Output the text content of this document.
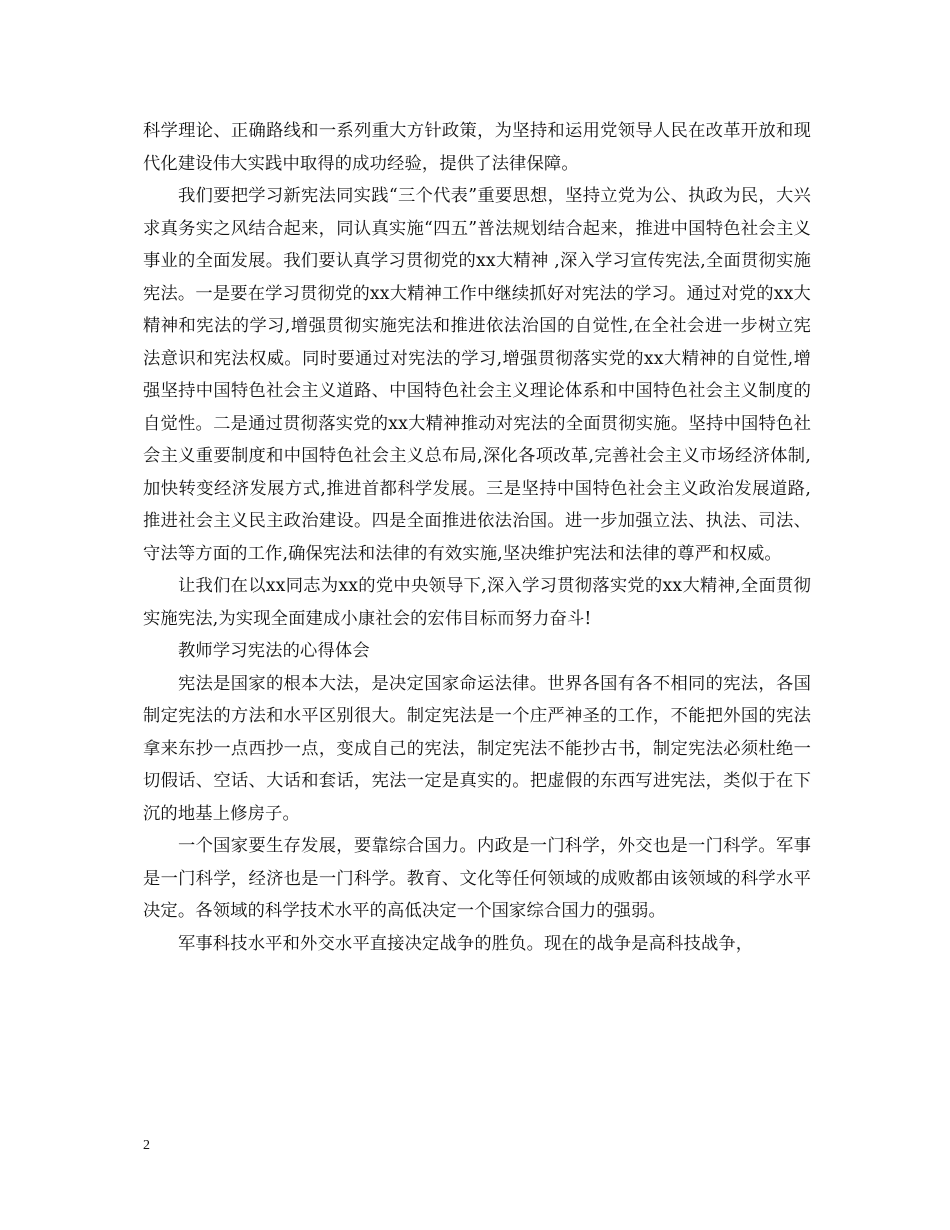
科学理论、正确路线和一系列重大方针政策，为坚持和运用党领导人民在改革开放和现代化建设伟大实践中取得的成功经验，提供了法律保障。

我们要把学习新宪法同实践“三个代表”重要思想，坚持立党为公、执政为民，大兴求真务实之风结合起来，同认真实施“四五”普法规划结合起来，推进中国特色社会主义事业的全面发展。我们要认真学习贯彻党的xx大精神 ,深入学习宣传宪法,全面贯彻实施宪法。一是要在学习贯彻党的xx大精神工作中继续抓好对宪法的学习。通过对党的xx大精神和宪法的学习,增强贯彻实施宪法和推进依法治国的自觉性,在全社会进一步树立宪法意识和宪法权威。同时要通过对宪法的学习,增强贯彻落实党的xx大精神的自觉性,增强坚持中国特色社会主义道路、中国特色社会主义理论体系和中国特色社会主义制度的自觉性。二是通过贯彻落实党的xx大精神推动对宪法的全面贯彻实施。坚持中国特色社会主义重要制度和中国特色社会主义总布局,深化各项改革,完善社会主义市场经济体制,加快转变经济发展方式,推进首都科学发展。三是坚持中国特色社会主义政治发展道路,推进社会主义民主政治建设。四是全面推进依法治国。进一步加强立法、执法、司法、守法等方面的工作,确保宪法和法律的有效实施,坚决维护宪法和法律的尊严和权威。

让我们在以xx同志为xx的党中央领导下,深入学习贯彻落实党的xx大精神,全面贯彻实施宪法,为实现全面建成小康社会的宏伟目标而努力奋斗!

教师学习宪法的心得体会

宪法是国家的根本大法，是决定国家命运法律。世界各国有各不相同的宪法，各国制定宪法的方法和水平区别很大。制定宪法是一个庄严神圣的工作，不能把外国的宪法拿来东抄一点西抄一点，变成自己的宪法，制定宪法不能抄古书，制定宪法必须杜绝一切假话、空话、大话和套话，宪法一定是真实的。把虚假的东西写进宪法，类似于在下沉的地基上修房子。

一个国家要生存发展，要靠综合国力。内政是一门科学，外交也是一门科学。军事是一门科学，经济也是一门科学。教育、文化等任何领域的成败都由该领域的科学水平决定。各领域的科学技术水平的高低决定一个国家综合国力的强弱。

军事科技水平和外交水平直接决定战争的胜负。现在的战争是高科技战争，

2
